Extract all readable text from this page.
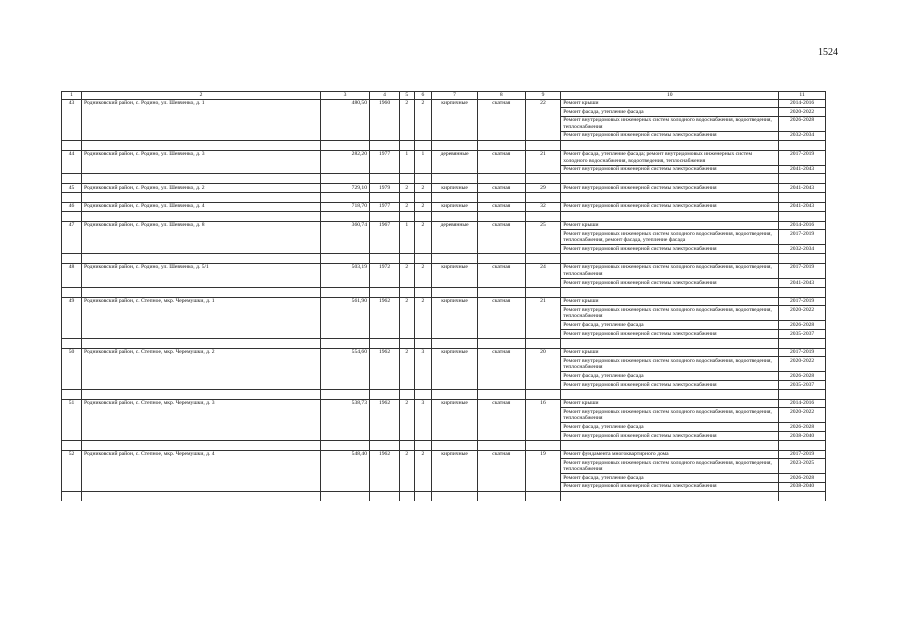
1524
1	2	3	4	5	6	7	8	9	10	11
43	Родниковский район, с. Родино, ул. Шевченко, д. 1	480,50	1960	2	2	кирпичные	скатная	22	Ремонт крыши	2014-2016
									Ремонт фасада, утепление фасада	2020-2022
									Ремонт внутридомовых инженерных систем холодного водоснабжения, водоотведения, теплоснабжения	2026-2028
									Ремонт внутридомовой инженерной системы электроснабжения	2032-2034

44	Родниковский район, с. Родино, ул. Шевченко, д. 3	282,20	1977	1	1	деревянные	скатная	21	Ремонт фасада, утепление фасада; ремонт внутридомовых инженерных систем холодного водоснабжения, водоотведения, теплоснабжения	2017-2019
									Ремонт внутридомовой инженерной системы электроснабжения	2041-2043

45	Родниковский район, с. Родино, ул. Шевченко, д. 2	729,10	1979	2	2	кирпичные	скатная	29	Ремонт внутридомовой инженерной системы электроснабжения	2041-2043

46	Родниковский район, с. Родино, ул. Шевченко, д. 4	718,70	1977	2	2	кирпичные	скатная	32	Ремонт внутридомовой инженерной системы электроснабжения	2041-2043

47	Родниковский район, с. Родино, ул. Шевченко, д. 8	360,74	1967	1	2	деревянные	скатная	25	Ремонт крыши	2014-2016
									Ремонт внутридомовых инженерных систем холодного водоснабжения, водоотведения, теплоснабжения, ремонт фасада, утепление фасада	2017-2019
									Ремонт внутридомовой инженерной системы электроснабжения	2032-2034

48	Родниковский район, с. Родино, ул. Шевченко, д. 5/1	503,19	1972	2	2	кирпичные	скатная	24	Ремонт внутридомовых инженерных систем холодного водоснабжения, водоотведения, теплоснабжения	2017-2019
									Ремонт внутридомовой инженерной системы электроснабжения	2041-2043

49	Родниковский район, с. Степное, мкр. Черемушки, д. 1	561,90	1962	2	2	кирпичные	скатная	21	Ремонт крыши	2017-2019
									Ремонт внутридомовых инженерных систем холодного водоснабжения, водоотведения, теплоснабжения	2020-2022
									Ремонт фасада, утепление фасада	2026-2028
									Ремонт внутридомовой инженерной системы электроснабжения	2035-2037

50	Родниковский район, с. Степное, мкр. Черемушки, д. 2	554,60	1962	2	3	кирпичные	скатная	20	Ремонт крыши	2017-2019
									Ремонт внутридомовых инженерных систем холодного водоснабжения, водоотведения, теплоснабжения	2020-2022
									Ремонт фасада, утепление фасада	2026-2028
									Ремонт внутридомовой инженерной системы электроснабжения	2035-2037

51	Родниковский район, с. Степное, мкр. Черемушки, д. 3	538,73	1962	2	3	кирпичные	скатная	16	Ремонт крыши	2014-2016
									Ремонт внутридомовых инженерных систем холодного водоснабжения, водоотведения, теплоснабжения	2020-2022
									Ремонт фасада, утепление фасада	2026-2028
									Ремонт внутридомовой инженерной системы электроснабжения	2038-2040

52	Родниковский район, с. Степное, мкр. Черемушки, д. 4	548,40	1962	2	2	кирпичные	скатная	19	Ремонт фундамента многоквартирного дома	2017-2019
									Ремонт внутридомовых инженерных систем холодного водоснабжения, водоотведения, теплоснабжения	2023-2025
									Ремонт фасада, утепление фасада	2026-2028
									Ремонт внутридомовой инженерной системы электроснабжения	2038-2040
